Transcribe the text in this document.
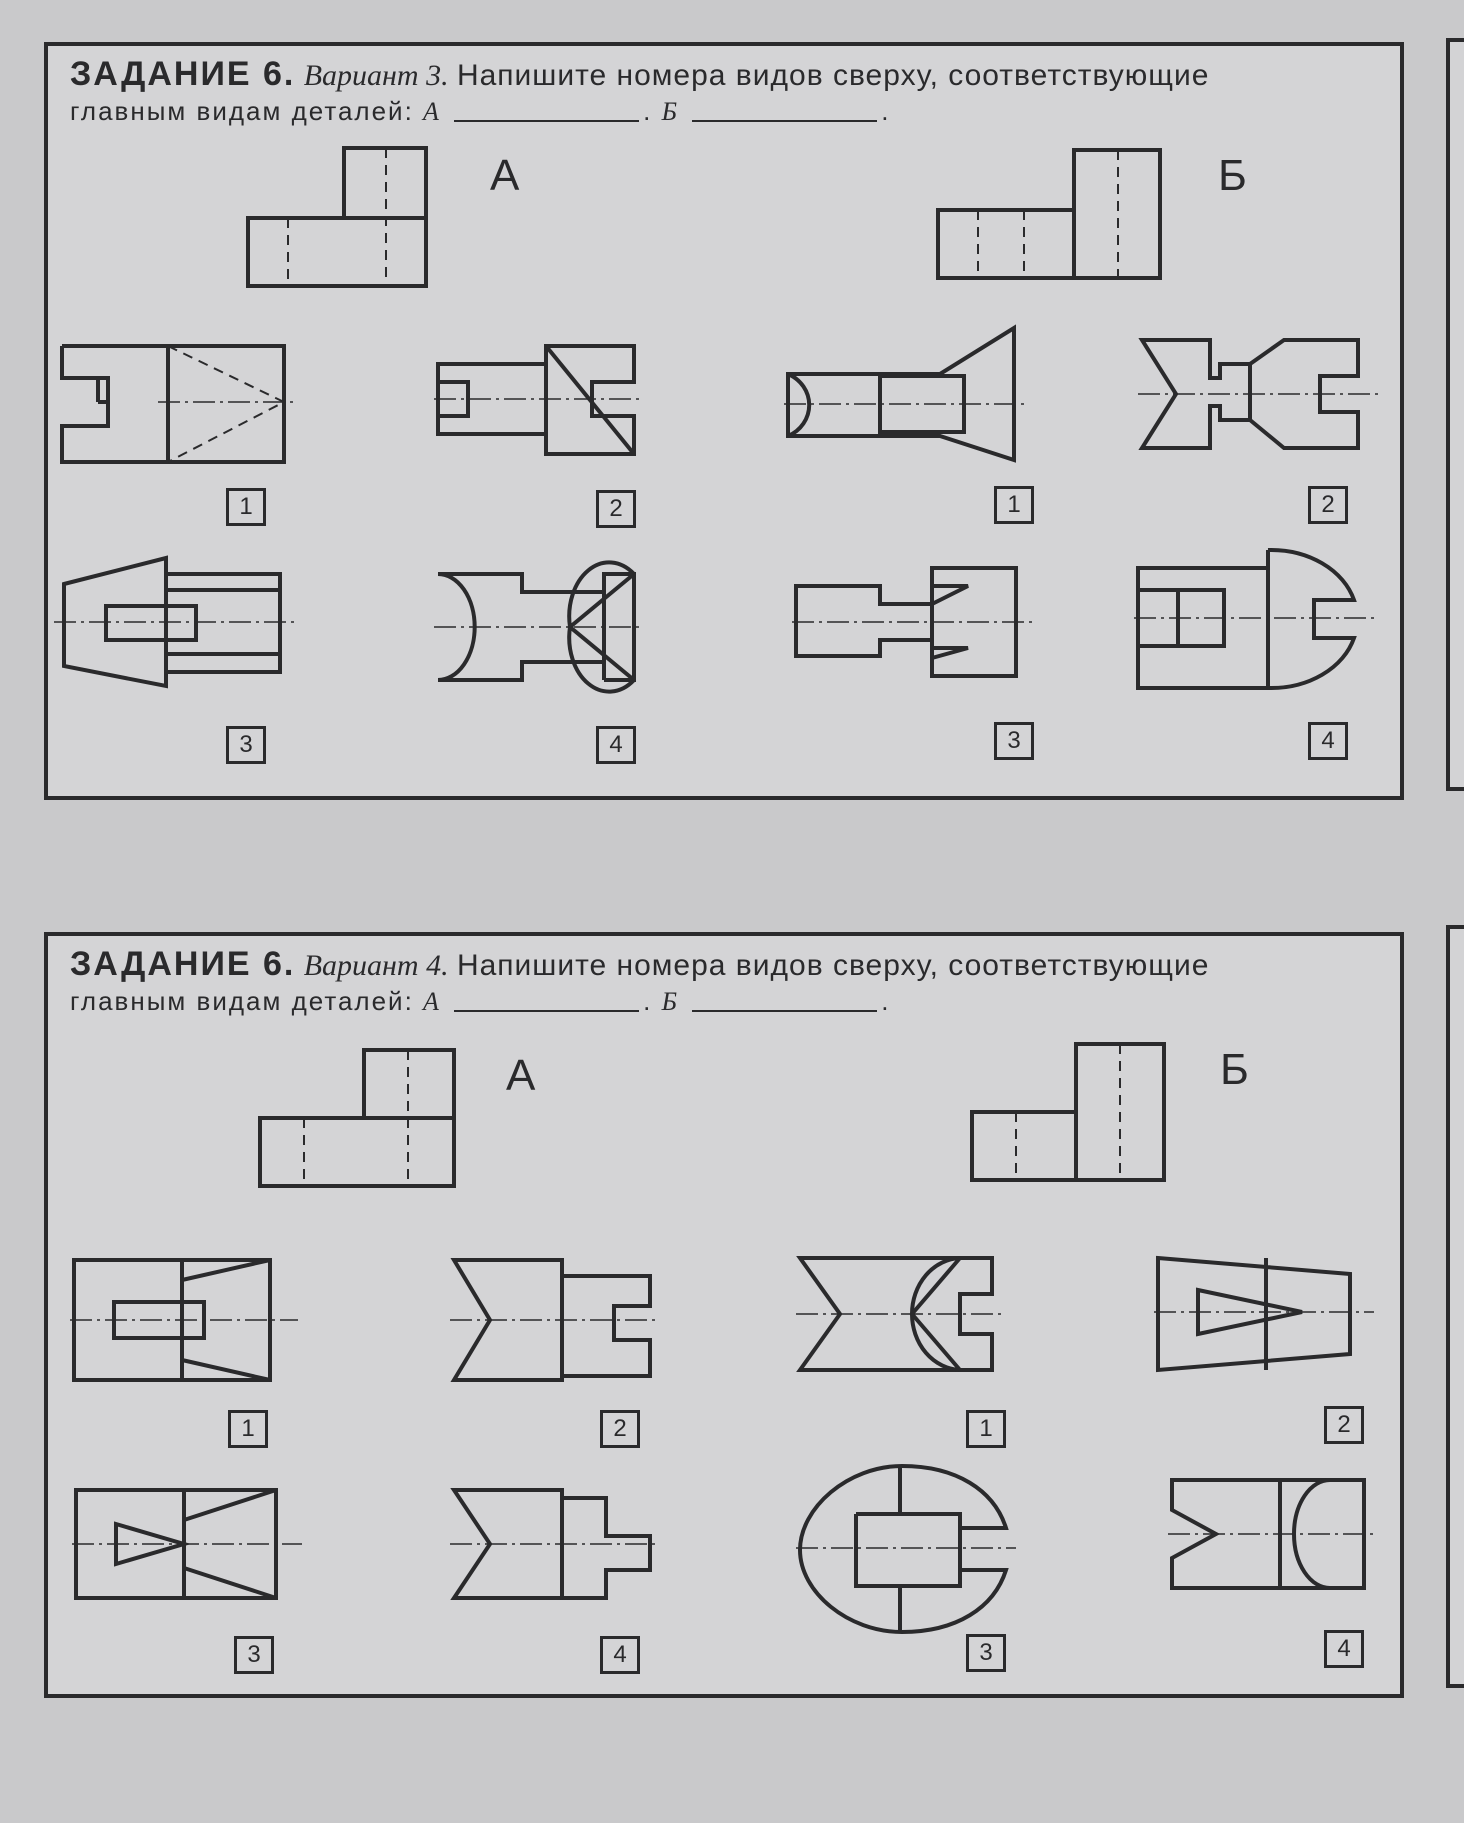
ЗАДАНИЕ 6. Вариант 3. Напишите номера видов сверху, соответствующие
главным видам деталей: А	. Б	.
А	Б
1	2
3	4
1	2
3	4
ЗАДАНИЕ 6. Вариант 4. Напишите номера видов сверху, соответствующие
главным видам деталей: А	. Б	.
А	Б
1	2
3	4
1	2
3	4
